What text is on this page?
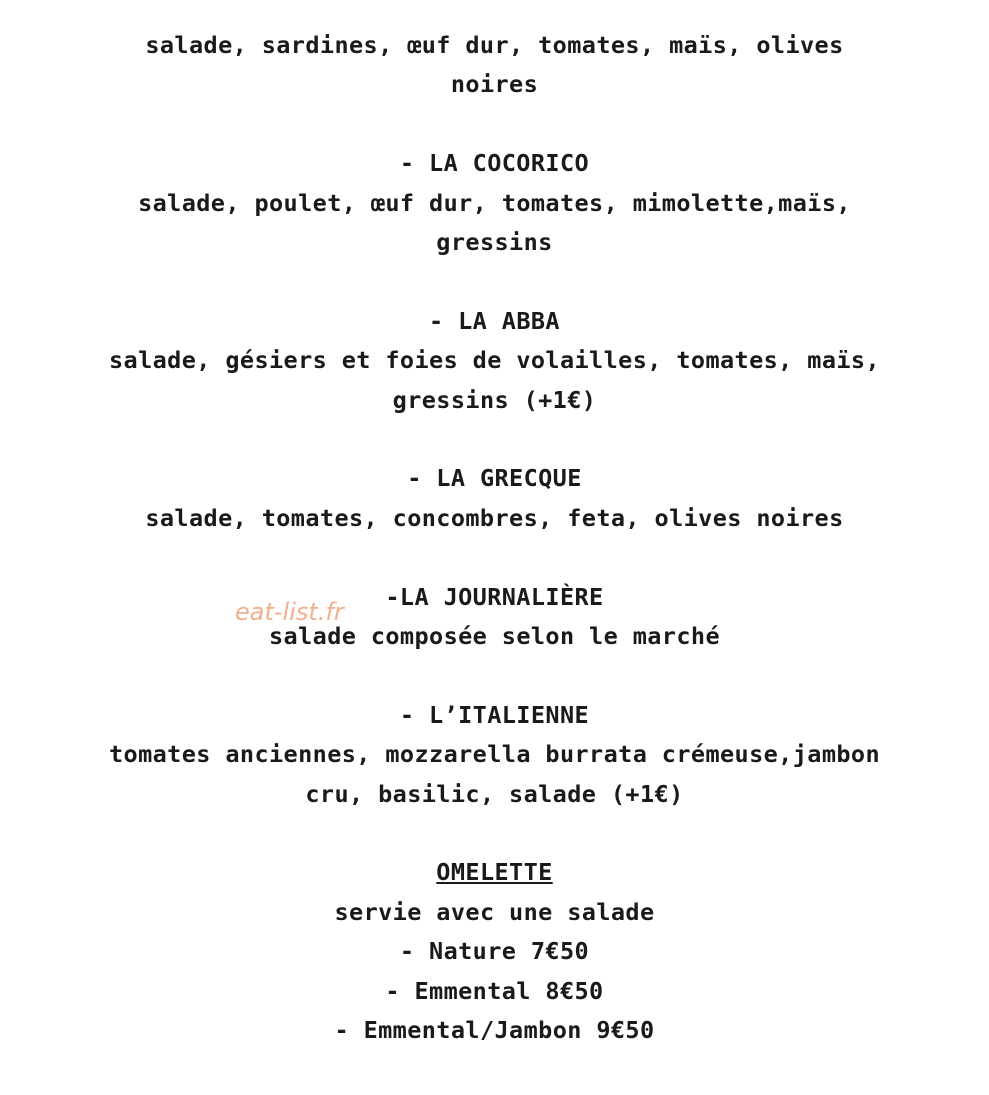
salade, sardines, œuf dur, tomates, maïs, olives
noires
- LA COCORICO
salade, poulet, œuf dur, tomates, mimolette,maïs,
gressins
- LA ABBA
salade, gésiers et foies de volailles, tomates, maïs,
gressins (+1€)
- LA GRECQUE
salade, tomates, concombres, feta, olives noires
-LA JOURNALIÈRE
salade composée selon le marché
- L’ITALIENNE
tomates anciennes, mozzarella burrata crémeuse,jambon
cru, basilic, salade (+1€)
OMELETTE
servie avec une salade
- Nature 7€50
- Emmental 8€50
- Emmental/Jambon 9€50
eat-list.fr
